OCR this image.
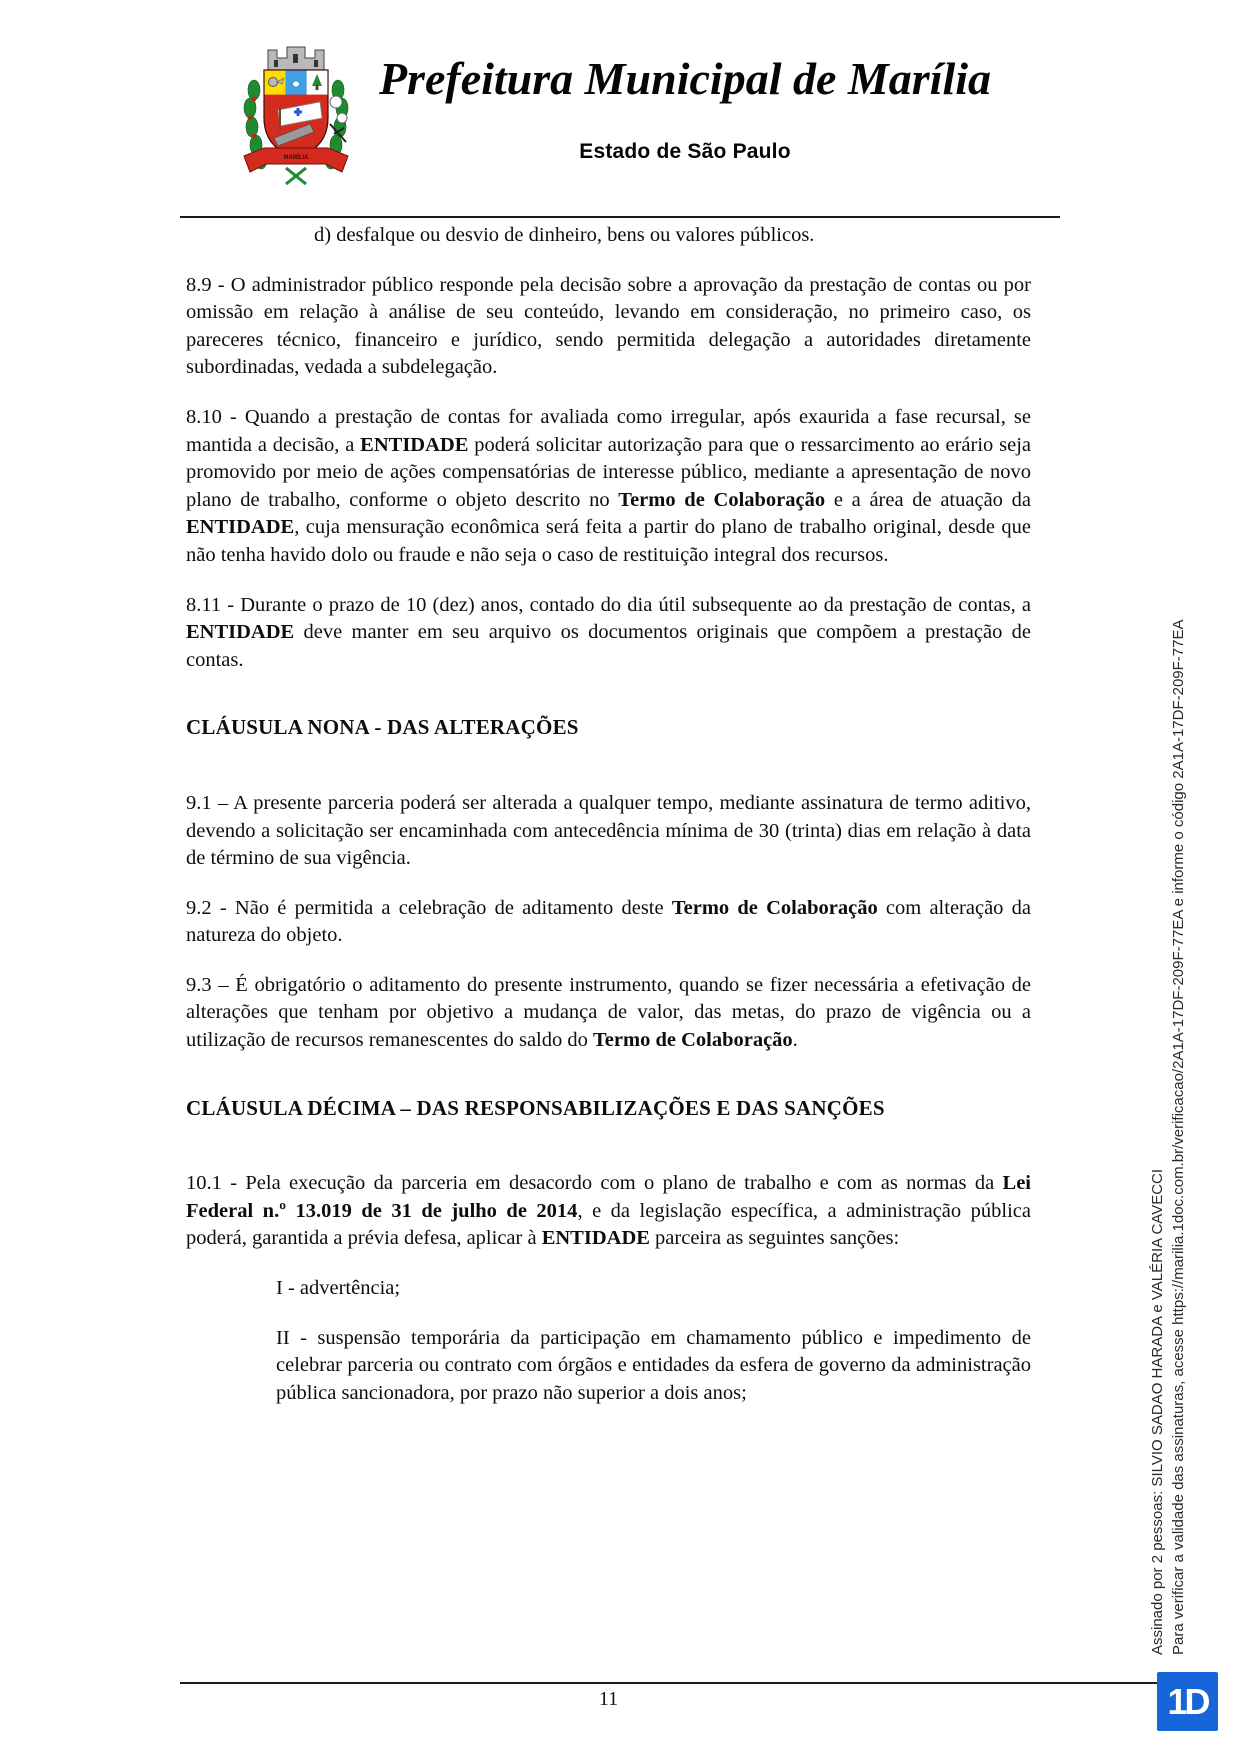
MARÍLIA
Prefeitura Municipal de Marília
Estado de São Paulo

d) desfalque ou desvio de dinheiro, bens ou valores públicos.

8.9 - O administrador público responde pela decisão sobre a aprovação da prestação de contas ou por omissão em relação à análise de seu conteúdo, levando em consideração, no primeiro caso, os pareceres técnico, financeiro e jurídico, sendo permitida delegação a autoridades diretamente subordinadas, vedada a subdelegação.

8.10 - Quando a prestação de contas for avaliada como irregular, após exaurida a fase recursal, se mantida a decisão, a ENTIDADE poderá solicitar autorização para que o ressarcimento ao erário seja promovido por meio de ações compensatórias de interesse público, mediante a apresentação de novo plano de trabalho, conforme o objeto descrito no Termo de Colaboração e a área de atuação da ENTIDADE, cuja mensuração econômica será feita a partir do plano de trabalho original, desde que não tenha havido dolo ou fraude e não seja o caso de restituição integral dos recursos.

8.11 - Durante o prazo de 10 (dez) anos, contado do dia útil subsequente ao da prestação de contas, a ENTIDADE deve manter em seu arquivo os documentos originais que compõem a prestação de contas.

CLÁUSULA NONA - DAS ALTERAÇÕES

9.1 – A presente parceria poderá ser alterada a qualquer tempo, mediante assinatura de termo aditivo, devendo a solicitação ser encaminhada com antecedência mínima de 30 (trinta) dias em relação à data de término de sua vigência.

9.2 - Não é permitida a celebração de aditamento deste Termo de Colaboração com alteração da natureza do objeto.

9.3 – É obrigatório o aditamento do presente instrumento, quando se fizer necessária a efetivação de alterações que tenham por objetivo a mudança de valor, das metas, do prazo de vigência ou a utilização de recursos remanescentes do saldo do Termo de Colaboração.

CLÁUSULA DÉCIMA – DAS RESPONSABILIZAÇÕES E DAS SANÇÕES

10.1 - Pela execução da parceria em desacordo com o plano de trabalho e com as normas da Lei Federal n.º 13.019 de 31 de julho de 2014, e da legislação específica, a administração pública poderá, garantida a prévia defesa, aplicar à ENTIDADE parceira as seguintes sanções:

I - advertência;

II - suspensão temporária da participação em chamamento público e impedimento de celebrar parceria ou contrato com órgãos e entidades da esfera de governo da administração pública sancionadora, por prazo não superior a dois anos;	Assinado por 2 pessoas: SILVIO SADAO HARADA e VALÉRIA CAVECCI Para verificar a validade das assinaturas, acesse https://marilia.1doc.com.br/verificacao/2A1A-17DF-209F-77EA e informe o código 2A1A-17DF-209F-77EA
11	1D
